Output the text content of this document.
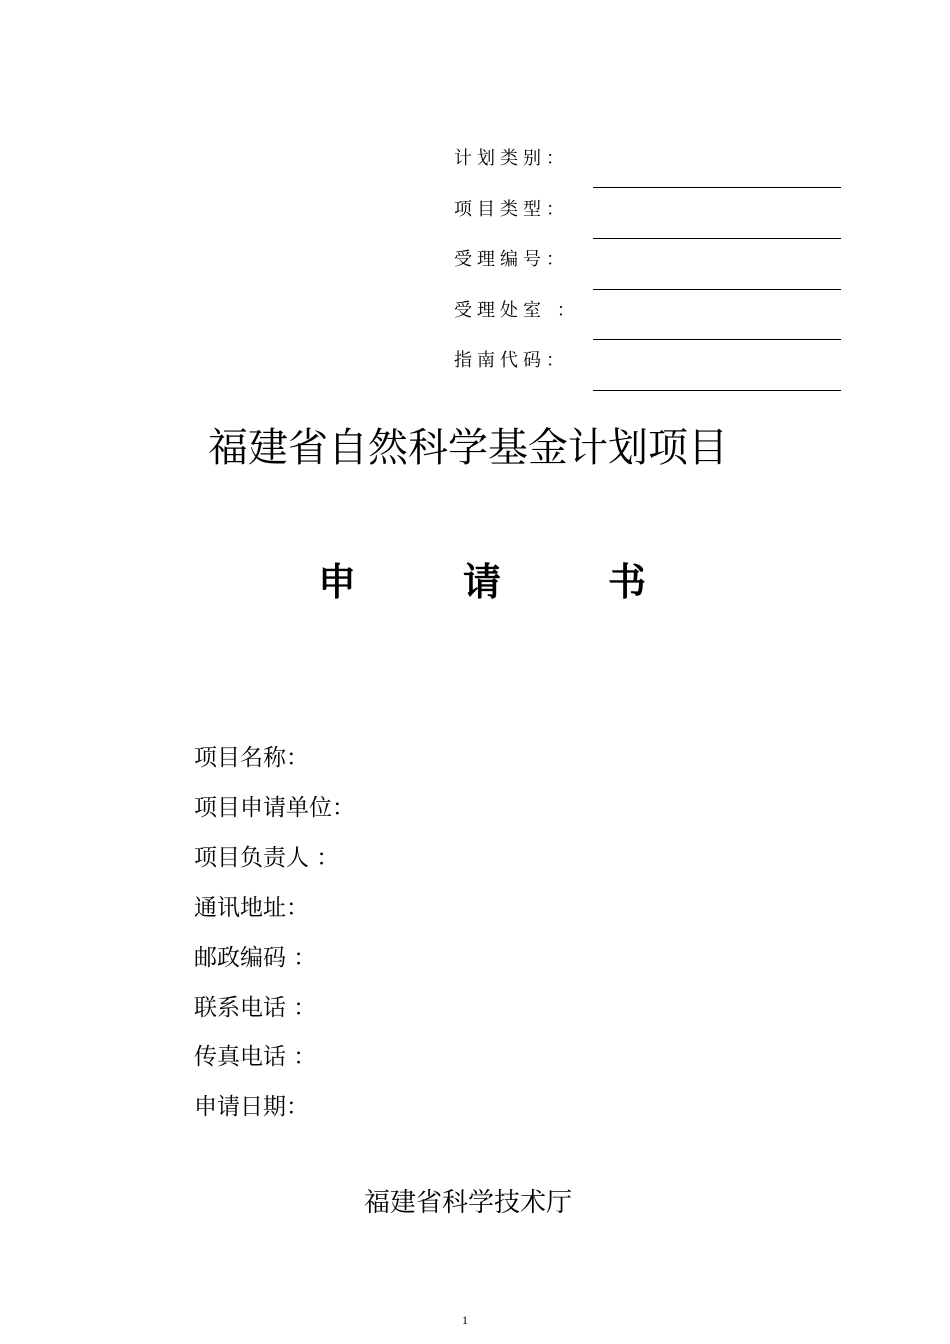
计划类别：
项目类型：
受理编号：
受理处室 ：
指南代码：
福建省自然科学基金计划项目
申	请	书
项目名称：
项目申请单位：
项目负责人 ：
通讯地址：
邮政编码 ：
联系电话 ：
传真电话 ：
申请日期：
福建省科学技术厅
1
